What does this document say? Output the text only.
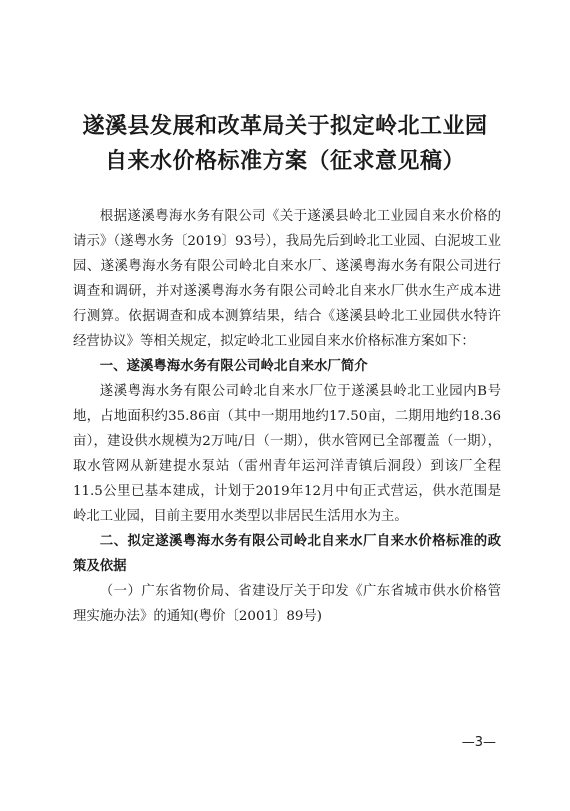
遂溪县发展和改革局关于拟定岭北工业园
自来水价格标准方案（征求意见稿）

根据遂溪粤海水务有限公司《关于遂溪县岭北工业园自来水价格的请示》（遂粤水务〔2019〕93号），我局先后到岭北工业园、白泥坡工业园、遂溪粤海水务有限公司岭北自来水厂、遂溪粤海水务有限公司进行调查和调研，并对遂溪粤海水务有限公司岭北自来水厂供水生产成本进行测算。依据调查和成本测算结果，结合《遂溪县岭北工业园供水特许经营协议》等相关规定，拟定岭北工业园自来水价格标准方案如下：

一、遂溪粤海水务有限公司岭北自来水厂简介

遂溪粤海水务有限公司岭北自来水厂位于遂溪县岭北工业园内B号地，占地面积约35.86亩（其中一期用地约17.50亩，二期用地约18.36亩），建设供水规模为2万吨/日（一期），供水管网已全部覆盖（一期），取水管网从新建提水泵站（雷州青年运河洋青镇后洞段）到该厂全程11.5公里已基本建成，计划于2019年12月中旬正式营运，供水范围是岭北工业园，目前主要用水类型以非居民生活用水为主。

二、拟定遂溪粤海水务有限公司岭北自来水厂自来水价格标准的政策及依据

（一）广东省物价局、省建设厅关于印发《广东省城市供水价格管理实施办法》的通知(粤价〔2001〕89号)

—3—
